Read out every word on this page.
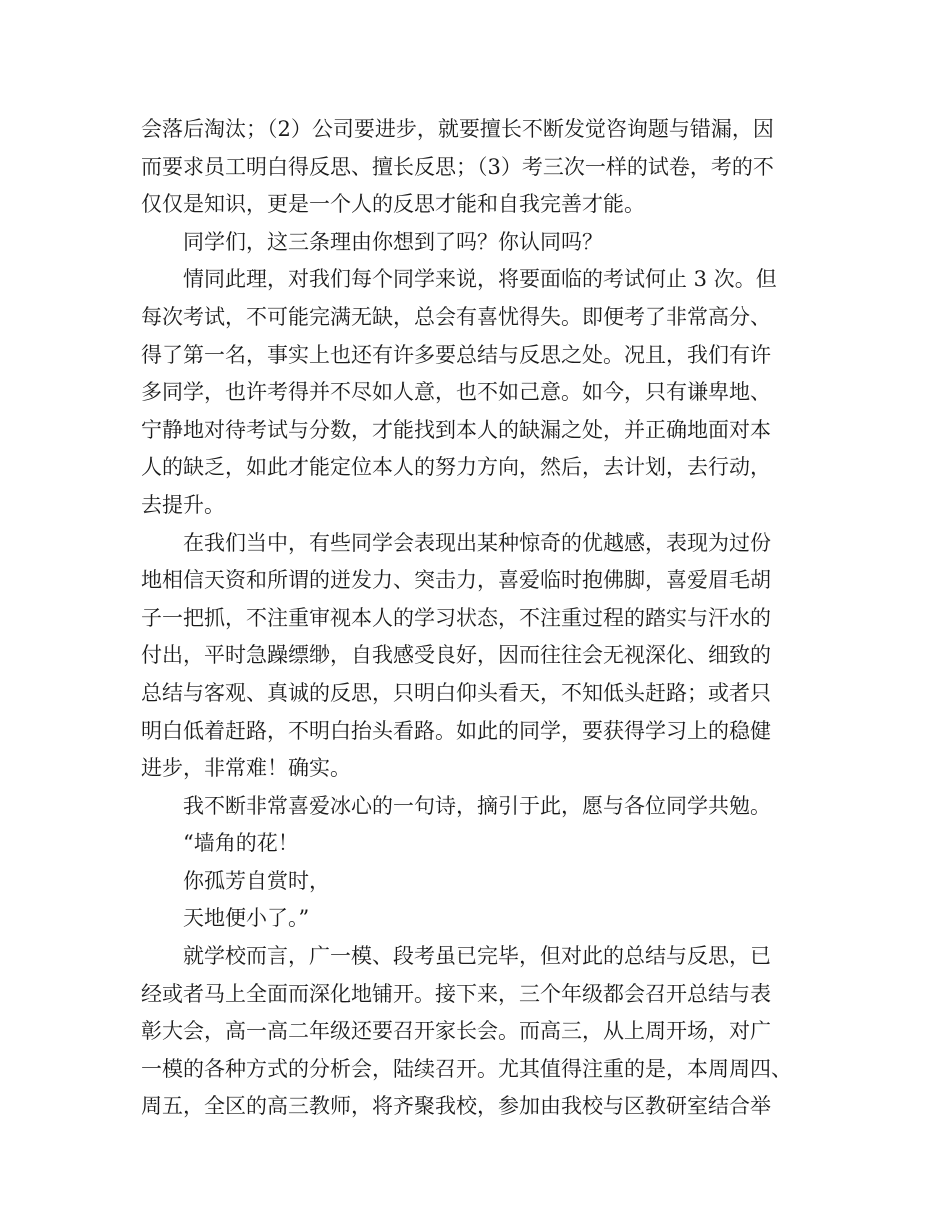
会落后淘汰；（2）公司要进步，就要擅长不断发觉咨询题与错漏，因
而要求员工明白得反思、擅长反思；（3）考三次一样的试卷，考的不
仅仅是知识，更是一个人的反思才能和自我完善才能。
　　同学们，这三条理由你想到了吗？你认同吗？
　　情同此理，对我们每个同学来说，将要面临的考试何止 3 次。但
每次考试，不可能完满无缺，总会有喜忧得失。即便考了非常高分、
得了第一名，事实上也还有许多要总结与反思之处。况且，我们有许
多同学，也许考得并不尽如人意，也不如己意。如今，只有谦卑地、
宁静地对待考试与分数，才能找到本人的缺漏之处，并正确地面对本
人的缺乏，如此才能定位本人的努力方向，然后，去计划，去行动，
去提升。
　　在我们当中，有些同学会表现出某种惊奇的优越感，表现为过份
地相信天资和所谓的迸发力、突击力，喜爱临时抱佛脚，喜爱眉毛胡
子一把抓，不注重审视本人的学习状态，不注重过程的踏实与汗水的
付出，平时急躁缥缈，自我感受良好，因而往往会无视深化、细致的
总结与客观、真诚的反思，只明白仰头看天，不知低头赶路；或者只
明白低着赶路，不明白抬头看路。如此的同学，要获得学习上的稳健
进步，非常难！确实。
　　我不断非常喜爱冰心的一句诗，摘引于此，愿与各位同学共勉。
　　“墙角的花！
　　你孤芳自赏时，
　　天地便小了。”
　　就学校而言，广一模、段考虽已完毕，但对此的总结与反思，已
经或者马上全面而深化地铺开。接下来，三个年级都会召开总结与表
彰大会，高一高二年级还要召开家长会。而高三，从上周开场，对广
一模的各种方式的分析会，陆续召开。尤其值得注重的是，本周周四、
周五，全区的高三教师，将齐聚我校，参加由我校与区教研室结合举
